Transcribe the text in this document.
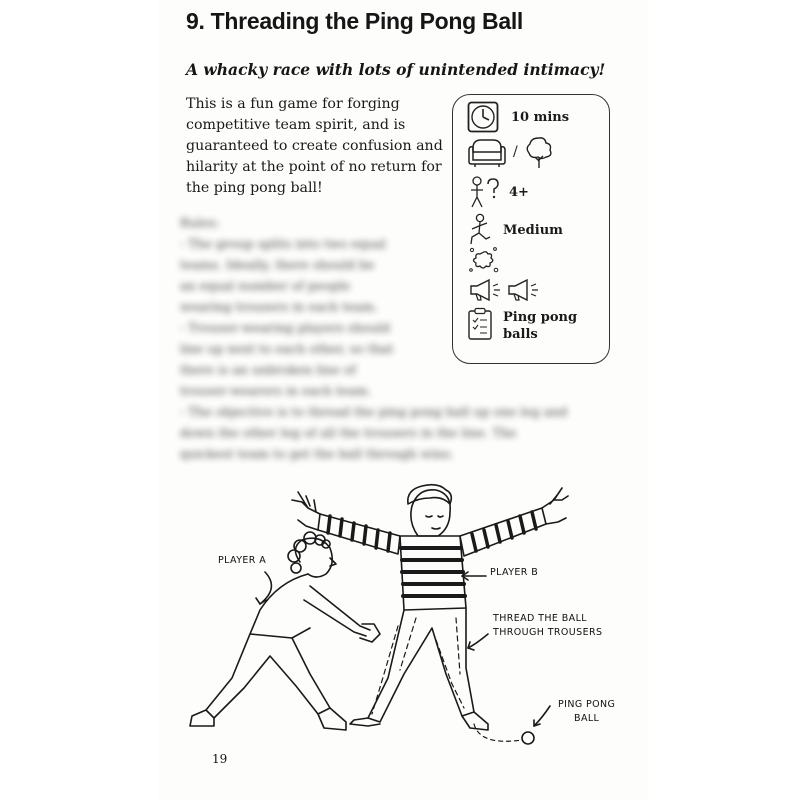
9. Threading the Ping Pong Ball

A whacky race with lots of unintended intimacy!

This is a fun game for forging competitive team spirit, and is guaranteed to create confusion and hilarity at the point of no return for the ping pong ball!

10 mins
/
4+
Medium
Ping pong
balls

Rules:

- The group splits into two equal

teams. Ideally, there should be

an equal number of people

wearing trousers in each team.

- Trouser-wearing players should

line up next to each other, so that

there is an unbroken line of

trouser-wearers in each team.

- The objective is to thread the ping pong ball up one leg and

down the other leg of all the trousers in the line. The

quickest team to get the ball through wins.

PLAYER A
PLAYER B
THREAD THE BALL
THROUGH TROUSERS
PING PONG
BALL

19
